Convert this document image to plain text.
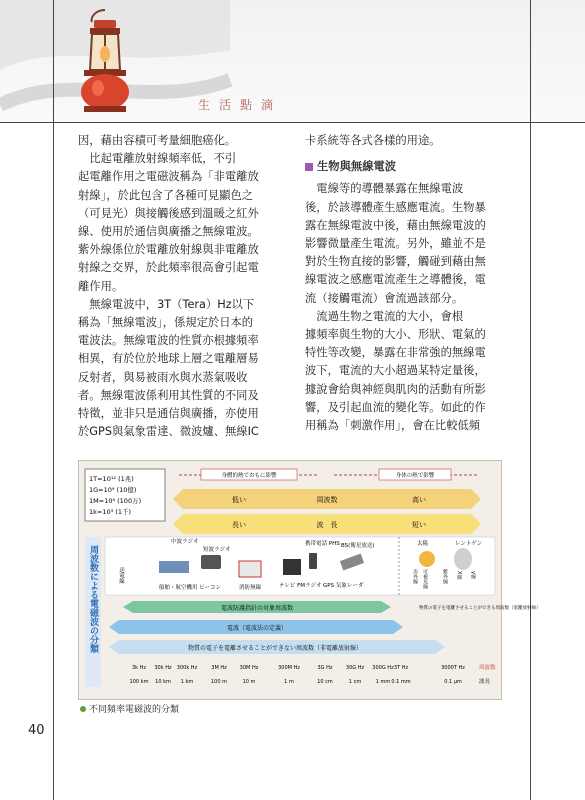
生活點滴

因，藉由容積可考量細胞癌化。

　比起電離放射線頻率低，不引

起電離作用之電磁波稱為「非電離放

射線」，於此包含了各種可見顯色之

（可見光）與接觸後感到溫暖之紅外

線、使用於通信與廣播之無線電波。

紫外線係位於電離放射線與非電離放

射線之交界，於此頻率很高會引起電

離作用。

　無線電波中，3T（Tera）Hz以下

稱為「無線電波」，係規定於日本的

電波法。無線電波的性質亦根據頻率

相異，有於位於地球上層之電離層易

反射者，與易被雨水與水蒸氣吸收

者。無線電波係利用其性質的不同及

特徵，並非只是通信與廣播，亦使用

於GPS與氣象雷達、微波爐、無線IC

卡系統等各式各樣的用途。

生物與無線電波

　電線等的導體暴露在無線電波

後，於該導體產生感應電流。生物暴

露在無線電波中後，藉由無線電波的

影響微量產生電流。另外，雖並不是

對於生物直接的影響，觸碰到藉由無

線電波之感應電流產生之導體後，電

流（接觸電流）會流過該部分。

　流過生物之電流的大小，會根

據頻率與生物的大小、形狀、電氣的

特性等改變，暴露在非常強的無線電

波下，電流的大小超過某特定量後，

據說會給與神經與肌肉的活動有所影

響，及引起血流的變化等。如此的作

用稱為「刺激作用」，會在比較低頻

1T=10¹² (1兆)
1G=10⁹ (10億)
1M=10⁶ (100万)
1k=10³ (1千)
身體的熱でおもに影響	身体の熱で影響
低い	周波数	高い
長い	波　長	短い
周波数による電磁波の分類	送電線
中波ラジオ
短波ラジオ
携帯電話 PHS BS(衛星放送)
船舶・航空機用 ビーコン	消防無線	テレビ FMラジオ GPS 気象レーダ
太陽	レントゲン
赤外線 可視光線	紫外線 X線 γ線
電波防護指針の対象周波数
電波（電波法の定義）
物質の電子を電離させることができない周波数（非電離放射線）
物質の電子を電離させることができる周波数（電離放射線）
3k Hz 30k Hz 300k Hz	3M Hz	30M Hz	300M Hz	3G Hz	30G Hz 300G Hz 3T Hz	3000T Hz
100 km 10 km 1 km	100 m	10 m	1 m	10 cm	1 cm	1 mm 0.1 mm	0.1 μm
周波数
波長
不同頻率電磁波的分類
40
